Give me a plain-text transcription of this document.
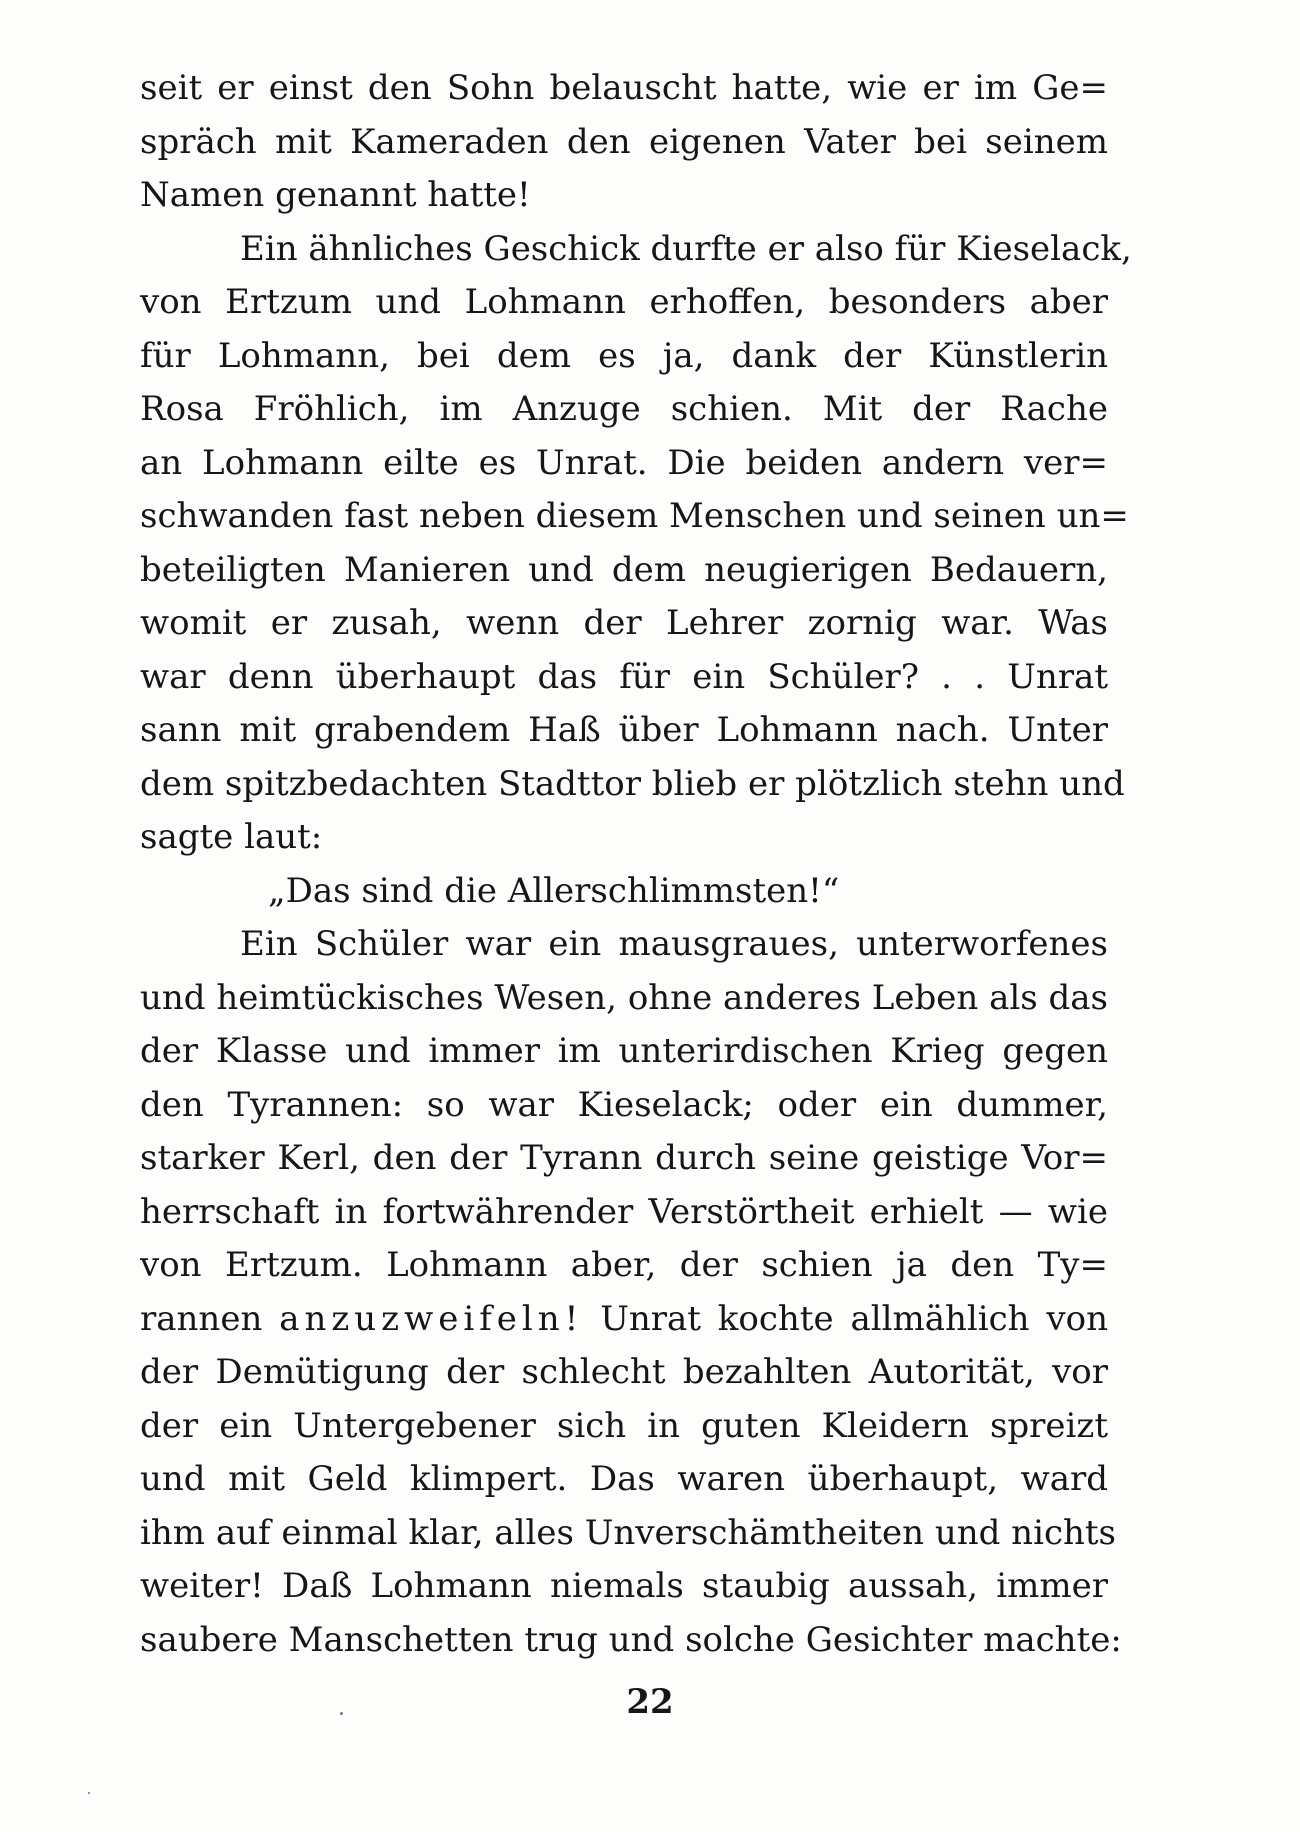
seit er einst den Sohn belauscht hatte, wie er im Ge=
spräch mit Kameraden den eigenen Vater bei seinem
Namen genannt hatte!
Ein ähnliches Geschick durfte er also für Kieselack,
von Ertzum und Lohmann erhoffen, besonders aber
für Lohmann, bei dem es ja, dank der Künstlerin
Rosa Fröhlich, im Anzuge schien. Mit der Rache
an Lohmann eilte es Unrat. Die beiden andern ver=
schwanden fast neben diesem Menschen und seinen un=
beteiligten Manieren und dem neugierigen Bedauern,
womit er zusah, wenn der Lehrer zornig war. Was
war denn überhaupt das für ein Schüler? . . Unrat
sann mit grabendem Haß über Lohmann nach. Unter
dem spitzbedachten Stadttor blieb er plötzlich stehn und
sagte laut:
„Das sind die Allerschlimmsten!“
Ein Schüler war ein mausgraues, unterworfenes
und heimtückisches Wesen, ohne anderes Leben als das
der Klasse und immer im unterirdischen Krieg gegen
den Tyrannen: so war Kieselack; oder ein dummer,
starker Kerl, den der Tyrann durch seine geistige Vor=
herrschaft in fortwährender Verstörtheit erhielt — wie
von Ertzum. Lohmann aber, der schien ja den Ty=
rannen anzuzweifeln! Unrat kochte allmählich von
der Demütigung der schlecht bezahlten Autorität, vor
der ein Untergebener sich in guten Kleidern spreizt
und mit Geld klimpert. Das waren überhaupt, ward
ihm auf einmal klar, alles Unverschämtheiten und nichts
weiter! Daß Lohmann niemals staubig aussah, immer
saubere Manschetten trug und solche Gesichter machte:
22
